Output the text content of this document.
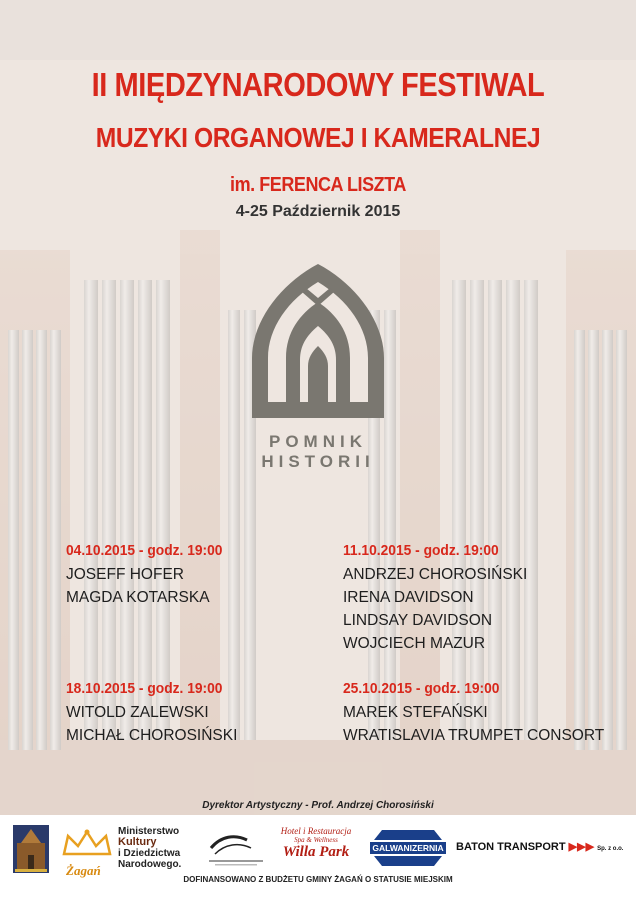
II MIĘDZYNARODOWY FESTIWAL
MUZYKI ORGANOWEJ I KAMERALNEJ
im. FERENCA LISZTA
4-25 Październik 2015
POMNIK
HISTORII
04.10.2015 - godz. 19:00
JOSEFF HOFER
MAGDA KOTARSKA
11.10.2015 - godz. 19:00
ANDRZEJ CHOROSIŃSKI
IRENA DAVIDSON
LINDSAY DAVIDSON
WOJCIECH MAZUR
18.10.2015 - godz. 19:00
WITOLD ZALEWSKI
MICHAŁ CHOROSIŃSKI
25.10.2015 - godz. 19:00
MAREK STEFAŃSKI
WRATISLAVIA TRUMPET CONSORT
Dyrektor Artystyczny - Prof. Andrzej Chorosiński
Żagań
Ministerstwo
Kultury
i Dziedzictwa
Narodowego.
Hotel i Restauracja
Spa & Wellness
Willa Park	GALWANIZERNIA	BATON TRANSPORT ▶▶▶ Sp. z o.o.
DOFINANSOWANO Z BUDŻETU GMINY ŻAGAŃ O STATUSIE MIEJSKIM
